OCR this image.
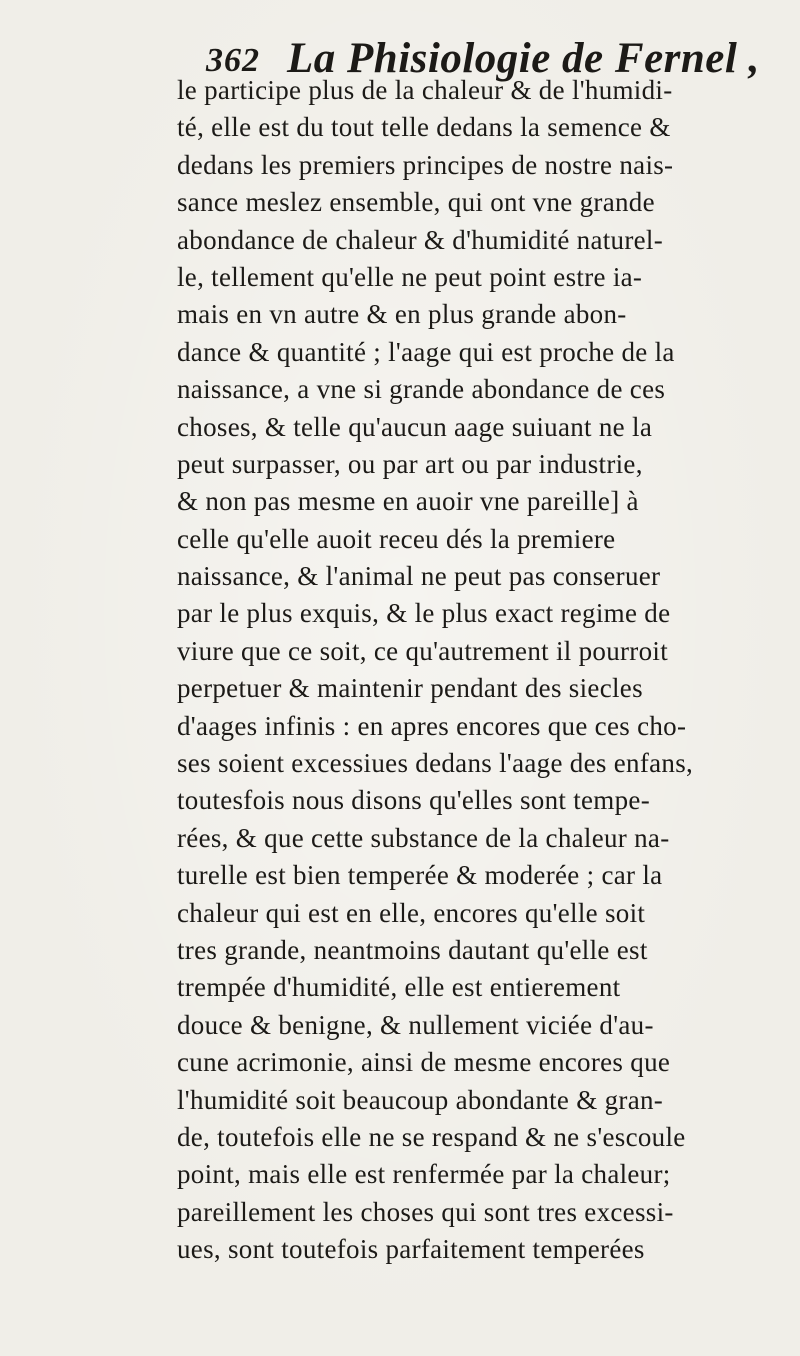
362 La Phisiologie de Fernel ,
le participe plus de la chaleur & de l'humidi-
té, elle est du tout telle dedans la semence &
dedans les premiers principes de nostre nais-
sance meslez ensemble, qui ont vne grande
abondance de chaleur & d'humidité naturel-
le, tellement qu'elle ne peut point estre ia-
mais en vn autre & en plus grande abon-
dance & quantité ; l'aage qui est proche de la
naissance, a vne si grande abondance de ces
choses, & telle qu'aucun aage suiuant ne la
peut surpasser, ou par art ou par industrie,
& non pas mesme en auoir vne pareille] à
celle qu'elle auoit receu dés la premiere
naissance, & l'animal ne peut pas conseruer
par le plus exquis, & le plus exact regime de
viure que ce soit, ce qu'autrement il pourroit
perpetuer & maintenir pendant des siecles
d'aages infinis : en apres encores que ces cho-
ses soient excessiues dedans l'aage des enfans,
toutesfois nous disons qu'elles sont tempe-
rées, & que cette substance de la chaleur na-
turelle est bien temperée & moderée ; car la
chaleur qui est en elle, encores qu'elle soit
tres grande, neantmoins dautant qu'elle est
trempée d'humidité, elle est entierement
douce & benigne, & nullement viciée d'au-
cune acrimonie, ainsi de mesme encores que
l'humidité soit beaucoup abondante & gran-
de, toutefois elle ne se respand & ne s'escoule
point, mais elle est renfermée par la chaleur;
pareillement les choses qui sont tres excessi-
ues, sont toutefois parfaitement temperées
